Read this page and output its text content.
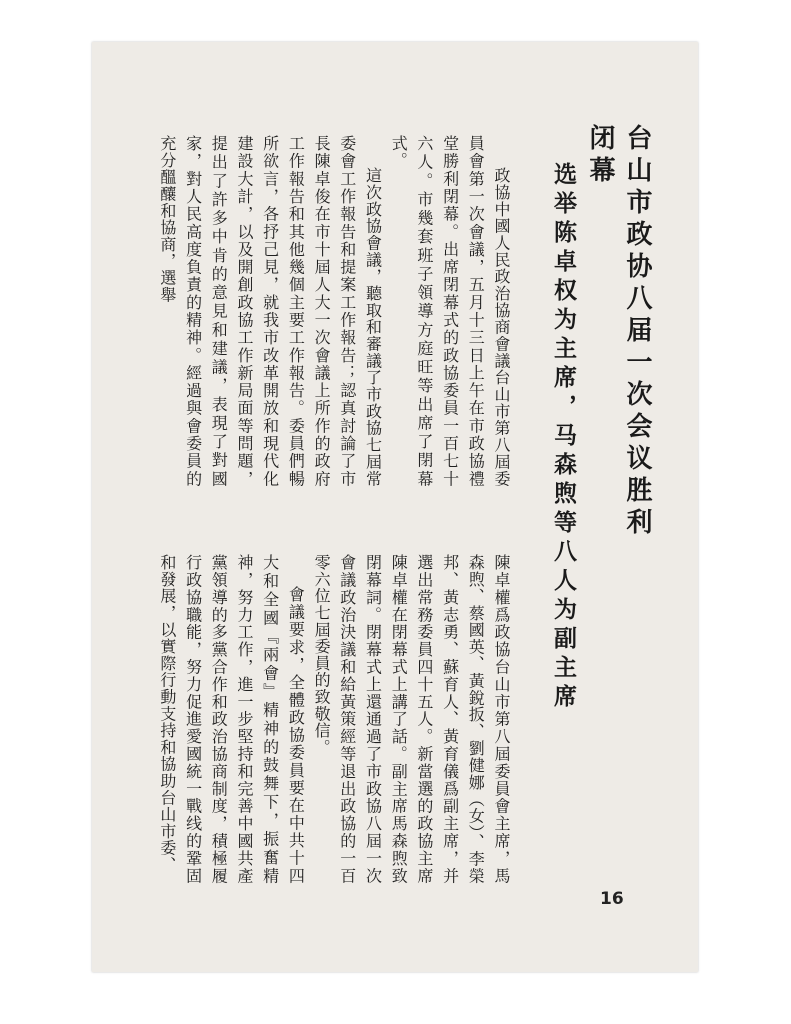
台山市政协八届一次会议胜利闭幕
选举陈卓权为主席，马森煦等八人为副主席

政協中國人民政治協商會議台山市第八屆委員會第一次會議，五月十三日上午在市政協禮堂勝利閉幕。出席閉幕式的政協委員一百七十六人。市幾套班子領導方庭旺等出席了閉幕式。

這次政協會議，聽取和審議了市政協七屆常委會工作報告和提案工作報告；認真討論了市長陳卓俊在市十屆人大一次會議上所作的政府工作報告和其他幾個主要工作報告。委員們暢所欲言，各抒己見，就我市改革開放和現代化建設大計，以及開創政協工作新局面等問題，提出了許多中肯的意見和建議，表現了對國家，對人民高度負責的精神。經過與會委員的充分醞釀和協商，選舉

陳卓權爲政協台山市第八屆委員會主席，馬森煦、蔡國英、黃銳扳、劉健娜（女）、李榮邦、黃志勇、蘇育人、黃育儀爲副主席，并選出常務委員四十五人。新當選的政協主席陳卓權在閉幕式上講了話。副主席馬森煦致閉幕詞。閉幕式上還通過了市政協八屆一次會議政治決議和給黃策經等退出政協的一百零六位七屆委員的致敬信。

會議要求，全體政協委員要在中共十四大和全國『兩會』精神的鼓舞下，振奮精神，努力工作，進一步堅持和完善中國共產黨領導的多黨合作和政治協商制度，積極履行政協職能，努力促進愛國統一戰线的鞏固和發展，以實際行動支持和協助台山市委、

16
